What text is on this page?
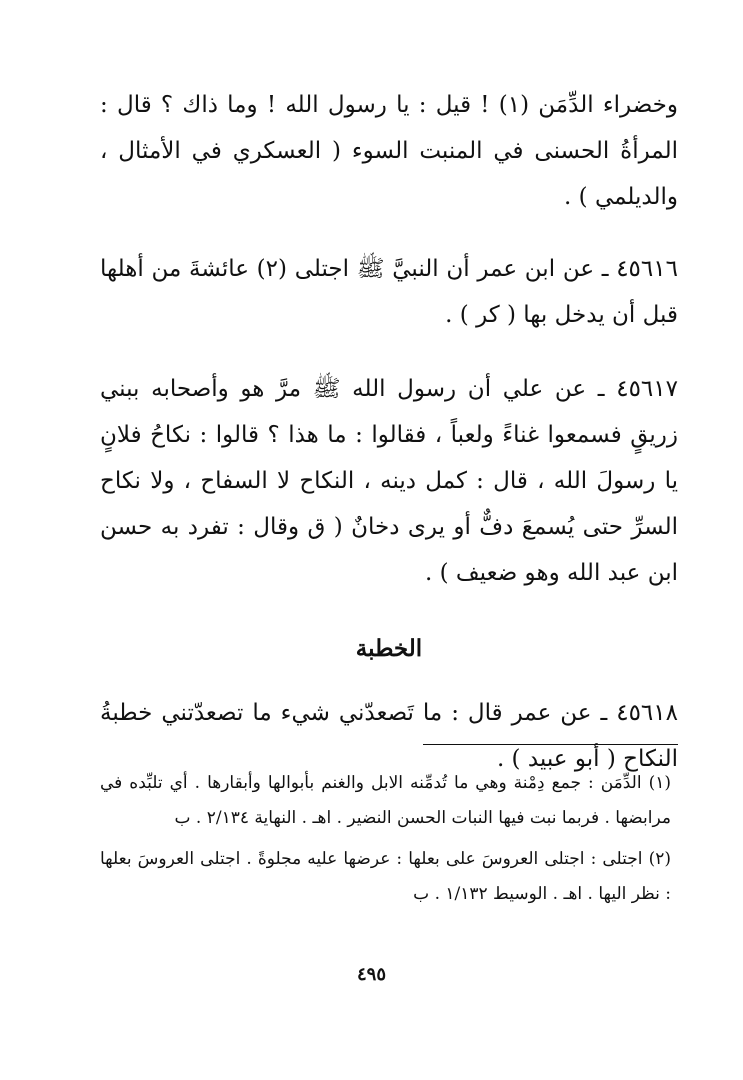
وخضراء الدِّمَن (١) ! قيل : يا رسول الله ! وما ذاك ؟ قال : المرأةُ الحسنى في المنبت السوء ( العسكري في الأمثال ، والديلمي ) .

٤٥٦١٦ ـ عن ابن عمر أن النبيَّ ﷺ اجتلى (٢) عائشةَ من أهلها قبل أن يدخل بها ( كر ) .

٤٥٦١٧ ـ عن علي أن رسول الله ﷺ مرَّ هو وأصحابه ببني زريقٍ فسمعوا غناءً ولعباً ، فقالوا : ما هذا ؟ قالوا : نكاحُ فلانٍ يا رسولَ الله ، قال : كمل دينه ، النكاح لا السفاح ، ولا نكاح السرِّ حتى يُسمعَ دفٌّ أو يرى دخانٌ ( ق وقال : تفرد به حسن ابن عبد الله وهو ضعيف ) .

الخطبة

٤٥٦١٨ ـ عن عمر قال : ما تَصعدّني شيء ما تصعدّتني خطبةُ النكاح ( أبو عبيد ) .

(١) الدِّمَن : جمع دِمْنة وهي ما تُدمِّنه الابل والغنم بأبوالها وأبقارها . أي تلبِّده في مرابضها . فربما نبت فيها النبات الحسن النضير . اهـ . النهاية ٢/١٣٤ . ب

(٢) اجتلى : اجتلى العروسَ على بعلها : عرضها عليه مجلوةً . اجتلى العروسَ بعلها : نظر اليها . اهـ . الوسيط ١/١٣٢ . ب

٤٩٥
